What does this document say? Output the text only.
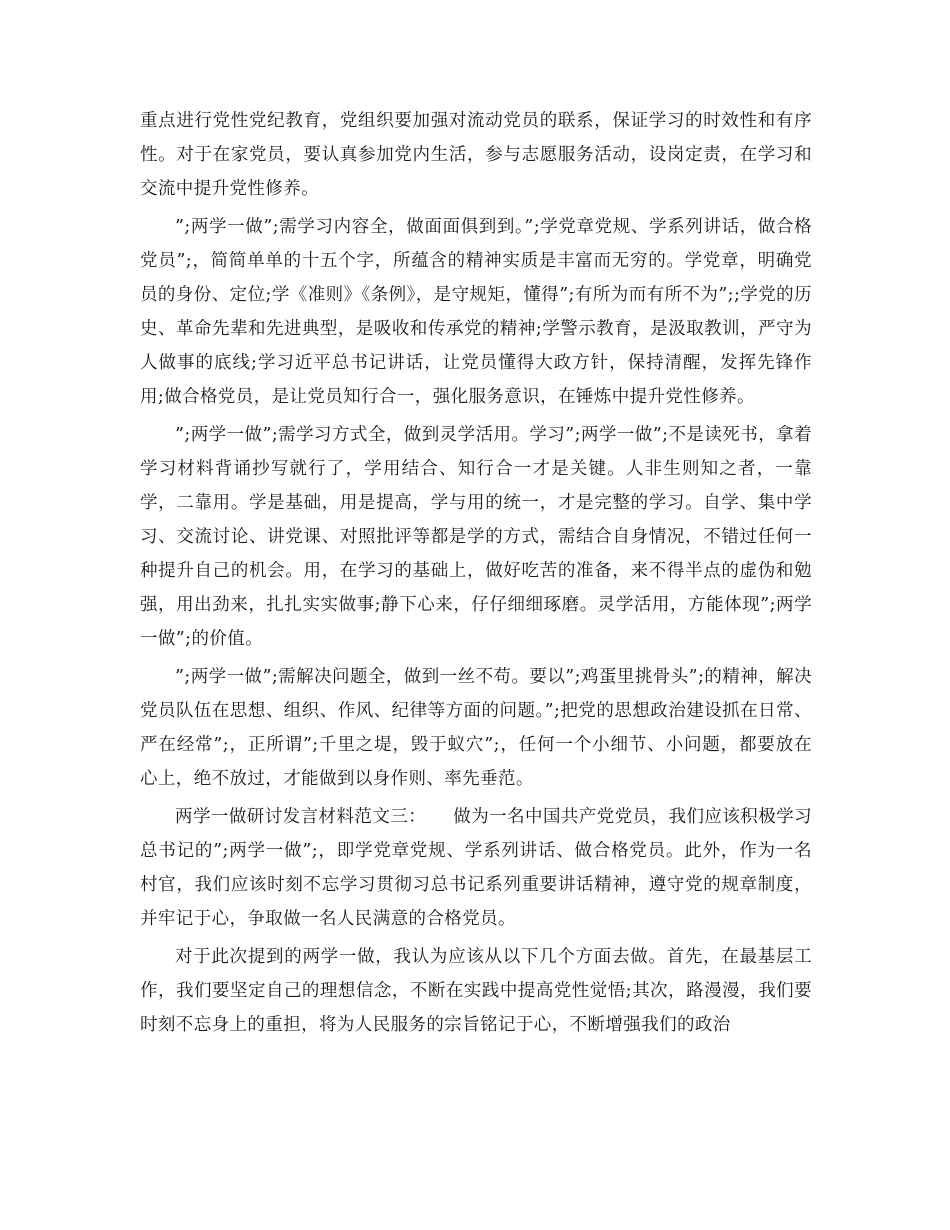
重点进行党性党纪教育，党组织要加强对流动党员的联系，保证学习的时效性和有序性。对于在家党员，要认真参加党内生活，参与志愿服务活动，设岗定责，在学习和交流中提升党性修养。

”;两学一做”;需学习内容全，做面面俱到到。”;学党章党规、学系列讲话，做合格党员”;，简简单单的十五个字，所蕴含的精神实质是丰富而无穷的。学党章，明确党员的身份、定位;学《准则》《条例》，是守规矩，懂得”;有所为而有所不为”;;学党的历史、革命先辈和先进典型，是吸收和传承党的精神;学警示教育，是汲取教训，严守为人做事的底线;学习近平总书记讲话，让党员懂得大政方针，保持清醒，发挥先锋作用;做合格党员，是让党员知行合一，强化服务意识，在锤炼中提升党性修养。

”;两学一做”;需学习方式全，做到灵学活用。学习”;两学一做”;不是读死书，拿着学习材料背诵抄写就行了，学用结合、知行合一才是关键。人非生则知之者，一靠学，二靠用。学是基础，用是提高，学与用的统一，才是完整的学习。自学、集中学习、交流讨论、讲党课、对照批评等都是学的方式，需结合自身情况，不错过任何一种提升自己的机会。用，在学习的基础上，做好吃苦的准备，来不得半点的虚伪和勉强，用出劲来，扎扎实实做事;静下心来，仔仔细细琢磨。灵学活用，方能体现”;两学一做”;的价值。

”;两学一做”;需解决问题全，做到一丝不苟。要以”;鸡蛋里挑骨头”;的精神，解决党员队伍在思想、组织、作风、纪律等方面的问题。”;把党的思想政治建设抓在日常、严在经常”;，正所谓”;千里之堤，毁于蚁穴”;，任何一个小细节、小问题，都要放在心上，绝不放过，才能做到以身作则、率先垂范。

两学一做研讨发言材料范文三：　　做为一名中国共产党党员，我们应该积极学习总书记的”;两学一做”;，即学党章党规、学系列讲话、做合格党员。此外，作为一名村官，我们应该时刻不忘学习贯彻习总书记系列重要讲话精神，遵守党的规章制度，并牢记于心，争取做一名人民满意的合格党员。

对于此次提到的两学一做，我认为应该从以下几个方面去做。首先，在最基层工作，我们要坚定自己的理想信念，不断在实践中提高党性觉悟;其次，路漫漫，我们要时刻不忘身上的重担，将为人民服务的宗旨铭记于心，不断增强我们的政治
